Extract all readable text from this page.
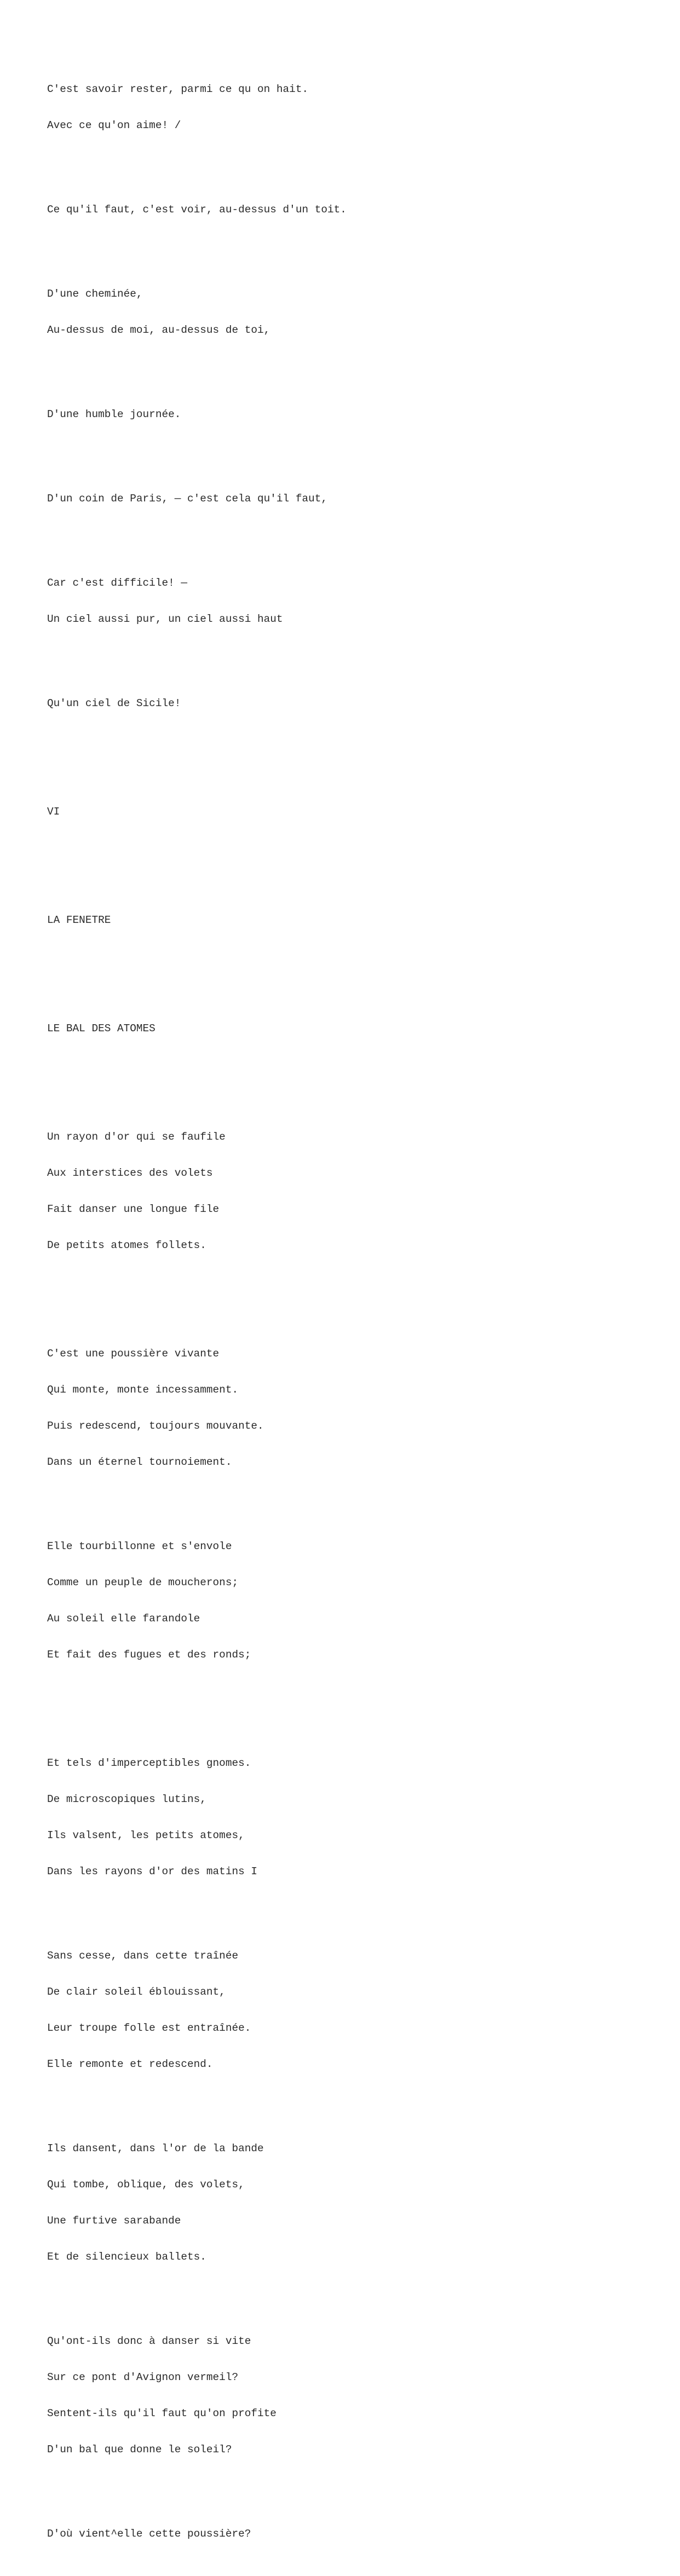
C'est savoir rester, parmi ce qu on hait.

Avec ce qu'on aime! /

Ce qu'il faut, c'est voir, au-dessus d'un toit.

D'une cheminée,

Au-dessus de moi, au-dessus de toi,

D'une humble journée.

D'un coin de Paris, — c'est cela qu'il faut,

Car c'est difficile! —

Un ciel aussi pur, un ciel aussi haut

Qu'un ciel de Sicile!

VI

LA FENETRE

LE BAL DES ATOMES

Un rayon d'or qui se faufile

Aux interstices des volets

Fait danser une longue file

De petits atomes follets.

C'est une poussière vivante

Qui monte, monte incessamment.

Puis redescend, toujours mouvante.

Dans un éternel tournoiement.

Elle tourbillonne et s'envole

Comme un peuple de moucherons;

Au soleil elle farandole

Et fait des fugues et des ronds;

Et tels d'imperceptibles gnomes.

De microscopiques lutins,

Ils valsent, les petits atomes,

Dans les rayons d'or des matins I

Sans cesse, dans cette traînée

De clair soleil éblouissant,

Leur troupe folle est entraînée.

Elle remonte et redescend.

Ils dansent, dans l'or de la bande

Qui tombe, oblique, des volets,

Une furtive sarabande

Et de silencieux ballets.

Qu'ont-ils donc à danser si vite

Sur ce pont d'Avignon vermeil?

Sentent-ils qu'il faut qu'on profite

D'un bal que donne le soleil?

D'où vient^elle cette poussière?
